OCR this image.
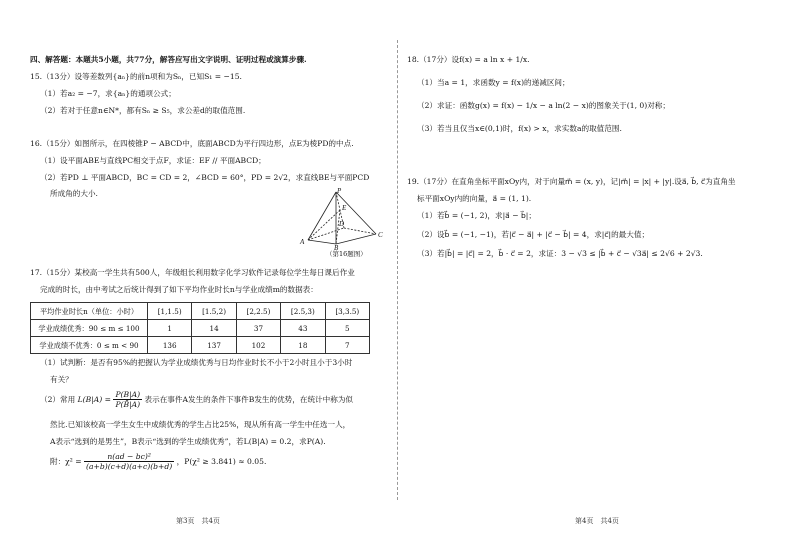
四、解答题：本题共5小题，共77分，解答应写出文字说明、证明过程或演算步骤.
15.（13分）设等差数列{aₙ}的前n项和为Sₙ，已知S₁ = −15.
（1）若a₂ = −7，求{aₙ}的通项公式；
（2）若对于任意n∈N*，都有Sₙ ≥ S₅，求公差d的取值范围.
16.（15分）如图所示，在四棱锥P − ABCD中，底面ABCD为平行四边形，点E为棱PD的中点.
（1）设平面ABE与直线PC相交于点F，求证：EF // 平面ABCD；
（2）若PD ⊥ 平面ABCD，BC = CD = 2，∠BCD = 60°，PD = 2√2，求直线BE与平面PCD
所成角的大小.	P
E
D
A
B
C
（第16题图）
17.（15分）某校高一学生共有500人，年级组长利用数字化学习软件记录每位学生每日课后作业
完成的时长，由中考试之后统计得到了如下平均作业时长n与学业成绩m的数据表：
平均作业时长n（单位：小时）	[1,1.5)	[1.5,2)	[2,2.5)	[2.5,3)	[3,3.5)
学业成绩优秀：90 ≤ m ≤ 100	1	14	37	43	5
学业成绩不优秀：0 ≤ m < 90	136	137	102	18	7
（1）试判断：是否有95%的把握认为学业成绩优秀与日均作业时长不小于2小时且小于3小时
有关？
（2）常用 $L(B|A) = \frac{P(B|A)}{P(B̄|A)}$ 表示在事件A发生的条件下事件B发生的优势，在统计中称为似
然比.已知该校高一学生女生中成绩优秀的学生占比25%，现从所有高一学生中任选一人，
A表示“选到的是男生”，B表示“选到的学生成绩优秀”，若L(B|A) = 0.2，求P(A).
附：$\chi^2 = \frac{\text{n(ad − bc)²}}{(a+b)(c+d)(a+c)(b+d)}$ ，P(χ² ≥ 3.841) ≈ 0.05.
第3页　共4页
18.（17分）设f(x) = a ln x + 1/x.
（1）当a = 1，求函数y = f(x)的递减区间；
（2）求证：函数g(x) = f(x) − 1/x − a ln(2 − x)的图象关于(1, 0)对称；
（3）若当且仅当x∈(0,1)时，f(x) > x，求实数a的取值范围.
19.（17分）在直角坐标平面xOy内，对于向量m⃗ = (x, y)，记|m⃗| = |x| + |y|.设a⃗, b⃗, c⃗为直角坐
标平面xOy内的向量，a⃗ = (1, 1).
（1）若b⃗ = (−1, 2)，求|a⃗ − b⃗|；
（2）设b⃗ = (−1, −1)，若|c⃗ − a⃗| + |c⃗ − b⃗| = 4，求|c⃗|的最大值；
（3）若|b⃗| = |c⃗| = 2，b⃗ · c⃗ = 2，求证：3 − √3 ≤ |b⃗ + c⃗ − √3a⃗| ≤ 2√6 + 2√3.
第4页　共4页
